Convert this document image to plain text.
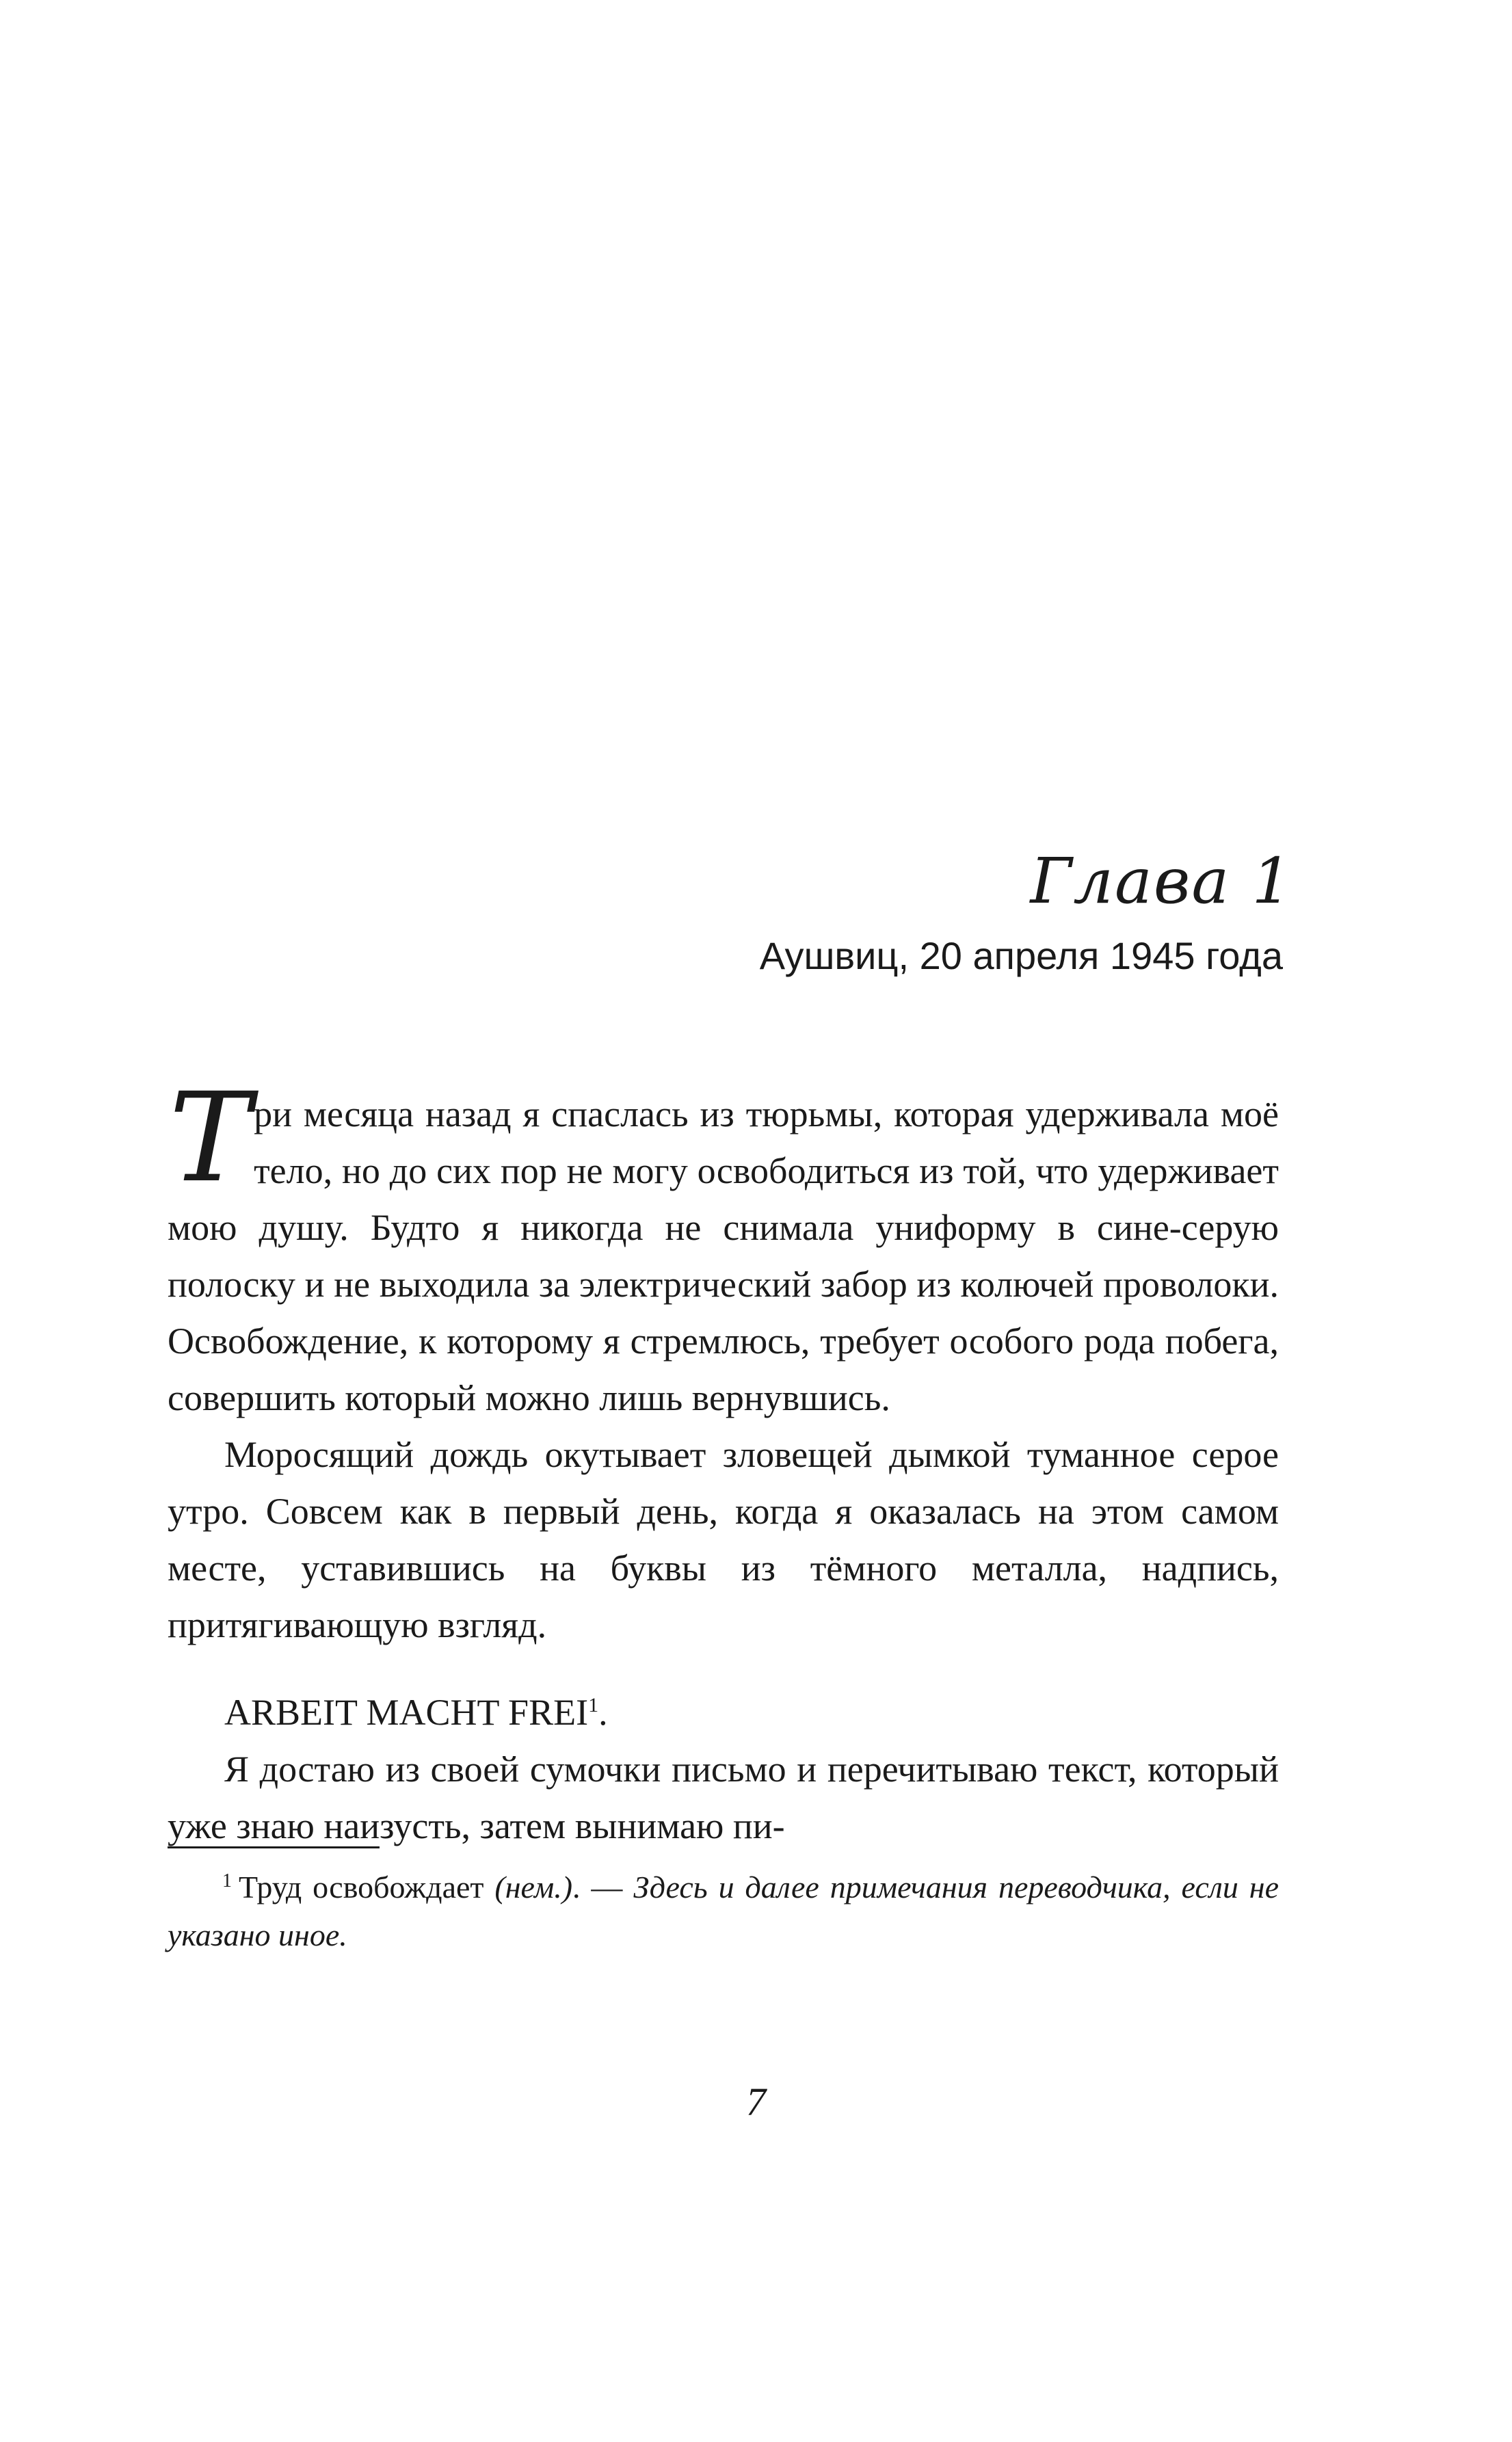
Глава 1
Аушвиц, 20 апреля 1945 года

Три месяца назад я спаслась из тюрьмы, которая удерживала моё тело, но до сих пор не могу освободиться из той, что удерживает мою душу. Будто я никогда не снимала униформу в сине-серую полоску и не выходила за электрический забор из колючей проволоки. Освобождение, к которому я стремлюсь, требует особого рода побега, совершить который можно лишь вернувшись.

Моросящий дождь окутывает зловещей дымкой туманное серое утро. Совсем как в первый день, когда я оказалась на этом самом месте, уставившись на буквы из тёмного металла, надпись, притягивающую взгляд.

ARBEIT MACHT FREI$^1$.

Я достаю из своей сумочки письмо и перечитываю текст, который уже знаю наизусть, затем вынимаю пи-

$^1$ Труд освобождает (нем.). — Здесь и далее примечания переводчика, если не указано иное.
7
